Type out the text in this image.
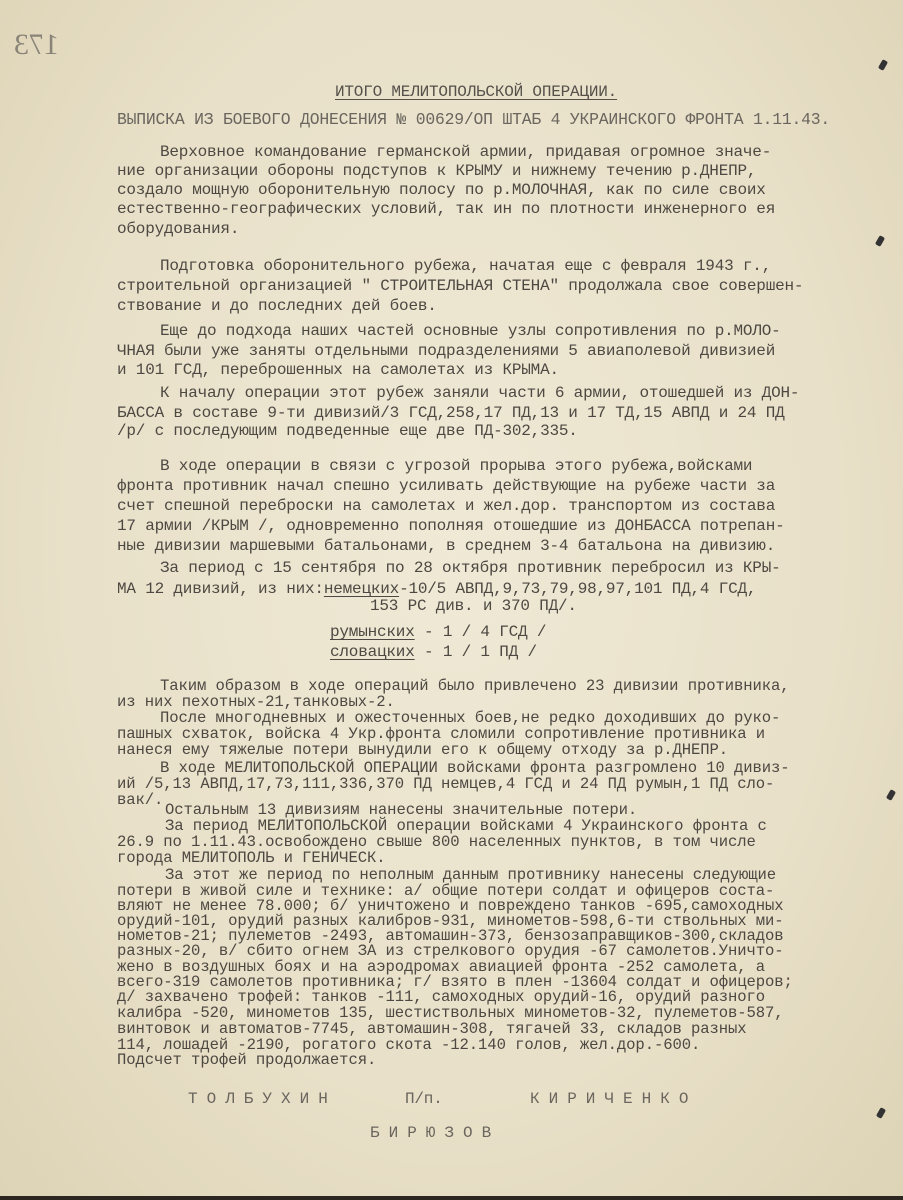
173
ИТОГО МЕЛИТОПОЛЬСКОЙ ОПЕРАЦИИ.
ВЫПИСКА ИЗ БОЕВОГО ДОНЕСЕНИЯ № 00629/ОП ШТАБ 4 УКРАИНСКОГО ФРОНТА 1.11.43.
Верховное командование германской армии, придавая огромное значе-
ние организации обороны подступов к КРЫМУ и нижнему течению р.ДНЕПР,
создало мощную оборонительную полосу по р.МОЛОЧНАЯ, как по силе своих
естественно-географических условий, так ин по плотности инженерного ея
оборудования.
Подготовка оборонительного рубежа, начатая еще с февраля 1943 г.,
строительной организацией " СТРОИТЕЛЬНАЯ СТЕНА" продолжала свое совершен-
ствование и до последних дей боев.
Еще до подхода наших частей основные узлы сопротивления по р.МОЛО-
ЧНАЯ были уже заняты отдельными подразделениями 5 авиаполевой дивизией
и 101 ГСД, переброшенных на самолетах из КРЫМА.
К началу операции этот рубеж заняли части 6 армии, отошедшей из ДОН-
БАССА в составе 9-ти дивизий/3 ГСД,258,17 ПД,13 и 17 ТД,15 АВПД и 24 ПД
/р/ с последующим подведенные еще две ПД-302,335.
В ходе операции в связи с угрозой прорыва этого рубежа,войсками
фронта противник начал спешно усиливать действующие на рубеже части за
счет спешной переброски на самолетах и жел.дор. транспортом из состава
17 армии /КРЫМ /, одновременно пополняя отошедшие из ДОНБАССА потрепан-
ные дивизии маршевыми батальонами, в среднем 3-4 батальона на дивизию.
За период с 15 сентября по 28 октября противник перебросил из КРЫ-
МА 12 дивизий, из них:немецких-10/5 АВПД,9,73,79,98,97,101 ПД,4 ГСД,
153 РС див. и 370 ПД/.
румынских - 1 / 4 ГСД /
словацких - 1 / 1 ПД /
Таким образом в ходе операций было привлечено 23 дивизии противника,
из них пехотных-21,танковых-2.
После многодневных и ожесточенных боев,не редко доходивших до руко-
пашных схваток, войска 4 Укр.фронта сломили сопротивление противника и
нанеся ему тяжелые потери вынудили его к общему отходу за р.ДНЕПР.
В ходе МЕЛИТОПОЛЬСКОЙ ОПЕРАЦИИ войсками фронта разгромлено 10 дивиз-
ий /5,13 АВПД,17,73,111,336,370 ПД немцев,4 ГСД и 24 ПД румын,1 ПД сло-
вак/.
Остальным 13 дивизиям нанесены значительные потери.
За период МЕЛИТОПОЛЬСКОЙ операции войсками 4 Украинского фронта с
26.9 по 1.11.43.освобождено свыше 800 населенных пунктов, в том числе
города МЕЛИТОПОЛЬ и ГЕНИЧЕСК.
За этот же период по неполным данным противнику нанесены следующие
потери в живой силе и технике: а/ общие потери солдат и офицеров соста-
вляют не менее 78.000; б/ уничтожено и повреждено танков -695,самоходных
орудий-101, орудий разных калибров-931, минометов-598,6-ти ствольных ми-
нометов-21; пулеметов -2493, автомашин-373, бензозаправщиков-300,складов
разных-20, в/ сбито огнем ЗА из стрелкового орудия -67 самолетов.Уничто-
жено в воздушных боях и на аэродромах авиацией фронта -252 самолета, а
всего-319 самолетов противника; г/ взято в плен -13604 солдат и офицеров;
д/ захвачено трофей: танков -111, самоходных орудий-16, орудий разного
калибра -520, минометов 135, шестиствольных минометов-32, пулеметов-587,
винтовок и автоматов-7745, автомашин-308, тягачей 33, складов разных
114, лошадей -2190, рогатого скота -12.140 голов, жел.дор.-600.
Подсчет трофей продолжается.
ТОЛБУХИН	П/п.	КИРИЧЕНКО
БИРЮЗОВ
